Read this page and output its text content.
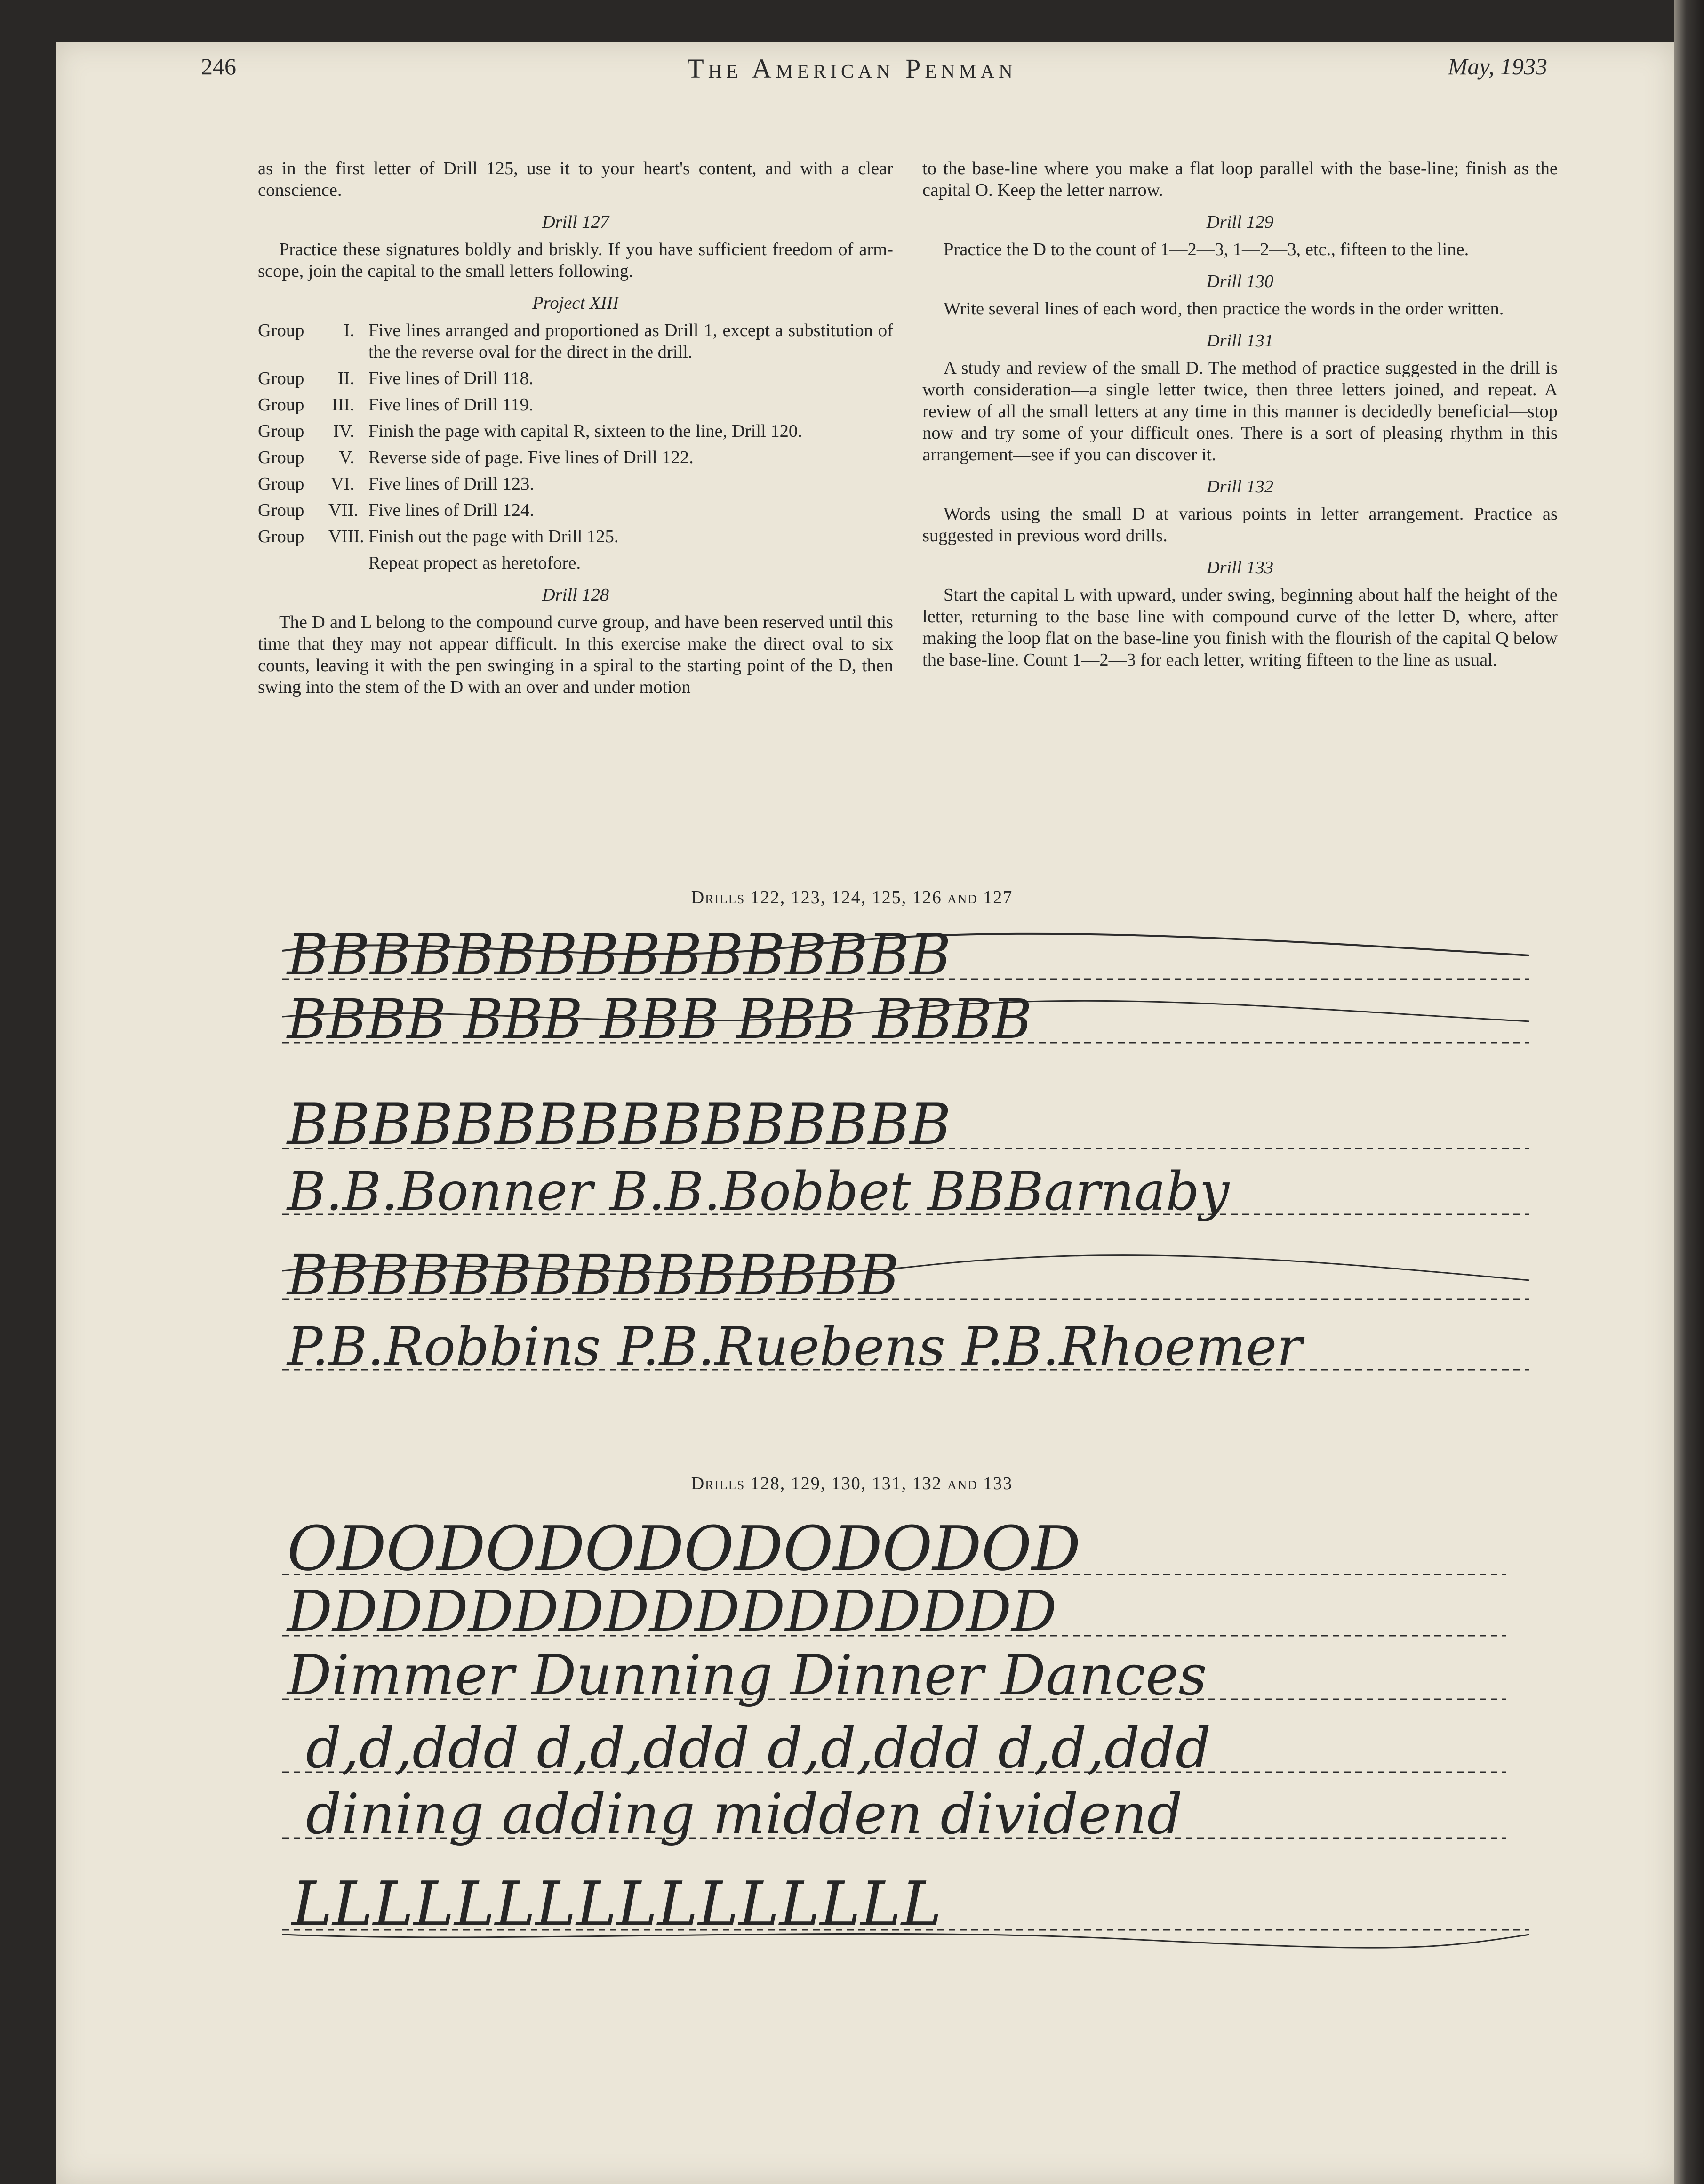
246	The American Penman	May, 1933

as in the first letter of Drill 125, use it to your heart's content, and with a clear conscience.

Drill 127

Practice these signatures boldly and briskly. If you have sufficient freedom of arm-scope, join the capital to the small letters following.

Project XIII

Group	I. Five lines arranged and proportioned as Drill 1, except a substitution of the the reverse oval for the direct in the drill.
Group	II. Five lines of Drill 118.
Group	III. Five lines of Drill 119.
Group	IV. Finish the page with capital R, sixteen to the line, Drill 120.
Group	V. Reverse side of page. Five lines of Drill 122.
Group	VI. Five lines of Drill 123.
Group	VII. Five lines of Drill 124.
Group	VIII. Finish out the page with Drill 125.
Repeat propect as heretofore.

Drill 128

The D and L belong to the compound curve group, and have been reserved until this time that they may not appear difficult. In this exercise make the direct oval to six counts, leaving it with the pen swinging in a spiral to the starting point of the D, then swing into the stem of the D with an over and under motion

to the base-line where you make a flat loop parallel with the base-line; finish as the capital O. Keep the letter narrow.

Drill 129

Practice the D to the count of 1—2—3, 1—2—3, etc., fifteen to the line.

Drill 130

Write several lines of each word, then practice the words in the order written.

Drill 131

A study and review of the small D. The method of practice suggested in the drill is worth consideration—a single letter twice, then three letters joined, and repeat. A review of all the small letters at any time in this manner is decidedly beneficial—stop now and try some of your difficult ones. There is a sort of pleasing rhythm in this arrangement—see if you can discover it.

Drill 132

Words using the small D at various points in letter arrangement. Practice as suggested in previous word drills.

Drill 133

Start the capital L with upward, under swing, beginning about half the height of the letter, returning to the base line with compound curve of the letter D, where, after making the loop flat on the base-line you finish with the flourish of the capital Q below the base-line. Count 1—2—3 for each letter, writing fifteen to the line as usual.

Drills 122, 123, 124, 125, 126 and 127
Drills 128, 129, 130, 131, 132 and 133
BBBBBBBBBBBBBBBB
BBBB BBB BBB BBB BBBB
BBBBBBBBBBBBBBBB
B.B.Bonner B.B.Bobbet BBBarnaby
BBBBBBBBBBBBBBB
P.B.Robbins P.B.Ruebens P.B.Rhoemer
ODODODODODODODOD
DDDDDDDDDDDDDDDDD
Dimmer Dunning Dinner Dances
d,d,ddd d,d,ddd d,d,ddd d,d,ddd
dining adding midden dividend
LLLLLLLLLLLLLLLL
